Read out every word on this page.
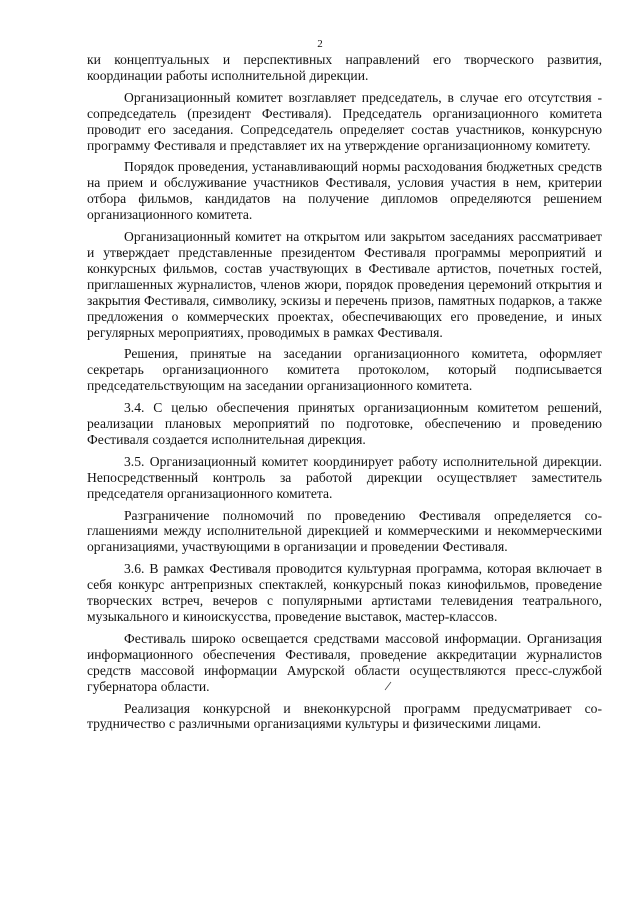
2

ки концептуальных и перспективных направлений его творческого развития, координации работы исполнительной дирекции.

Организационный комитет возглавляет председатель, в случае его отсутствия - сопредседатель (президент Фестиваля). Председатель организационного комитета проводит его заседания. Сопредседатель определяет состав участников, конкурсную программу Фестиваля и представляет их на утверждение организационному комитету.

Порядок проведения, устанавливающий нормы расходования бюджетных средств на прием и обслуживание участников Фестиваля, условия участия в нем, критерии отбора фильмов, кандидатов на получение дипломов определяются решением организационного комитета.

Организационный комитет на открытом или закрытом заседаниях рассматривает и утверждает представленные президентом Фестиваля программы мероприятий и конкурсных фильмов, состав участвующих в Фестивале артистов, почетных гостей, приглашенных журналистов, членов жюри, порядок проведения церемоний открытия и закрытия Фестиваля, символику, эскизы и перечень призов, памятных подарков, а также предложения о коммерческих проектах, обеспечивающих его проведение, и иных регулярных мероприятиях, проводимых в рамках Фестиваля.

Решения, принятые на заседании организационного комитета, оформляет секретарь организационного комитета протоколом, который подписывается председательствующим на заседании организационного комитета.

3.4. С целью обеспечения принятых организационным комитетом решений, реализации плановых мероприятий по подготовке, обеспечению и проведению Фестиваля создается исполнительная дирекция.

3.5. Организационный комитет координирует работу исполнительной дирекции. Непосредственный контроль за работой дирекции осуществляет заместитель председателя организационного комитета.

Разграничение полномочий по проведению Фестиваля определяется соглашениями между исполнительной дирекцией и коммерческими и некоммерческими организациями, участвующими в организации и проведении Фестиваля.

3.6. В рамках Фестиваля проводится культурная программа, которая включает в себя конкурс антрепризных спектаклей, конкурсный показ кинофильмов, проведение творческих встреч, вечеров с популярными артистами телевидения театрального, музыкального и киноискусства, проведение выставок, мастер-классов.

Фестиваль широко освещается средствами массовой информации. Организация информационного обеспечения Фестиваля, проведение аккредитации журналистов средств массовой информации Амурской области осуществляются пресс-службой губернатора области.

Реализация конкурсной и внеконкурсной программ предусматривает сотрудничество с различными организациями культуры и физическими лицами.
